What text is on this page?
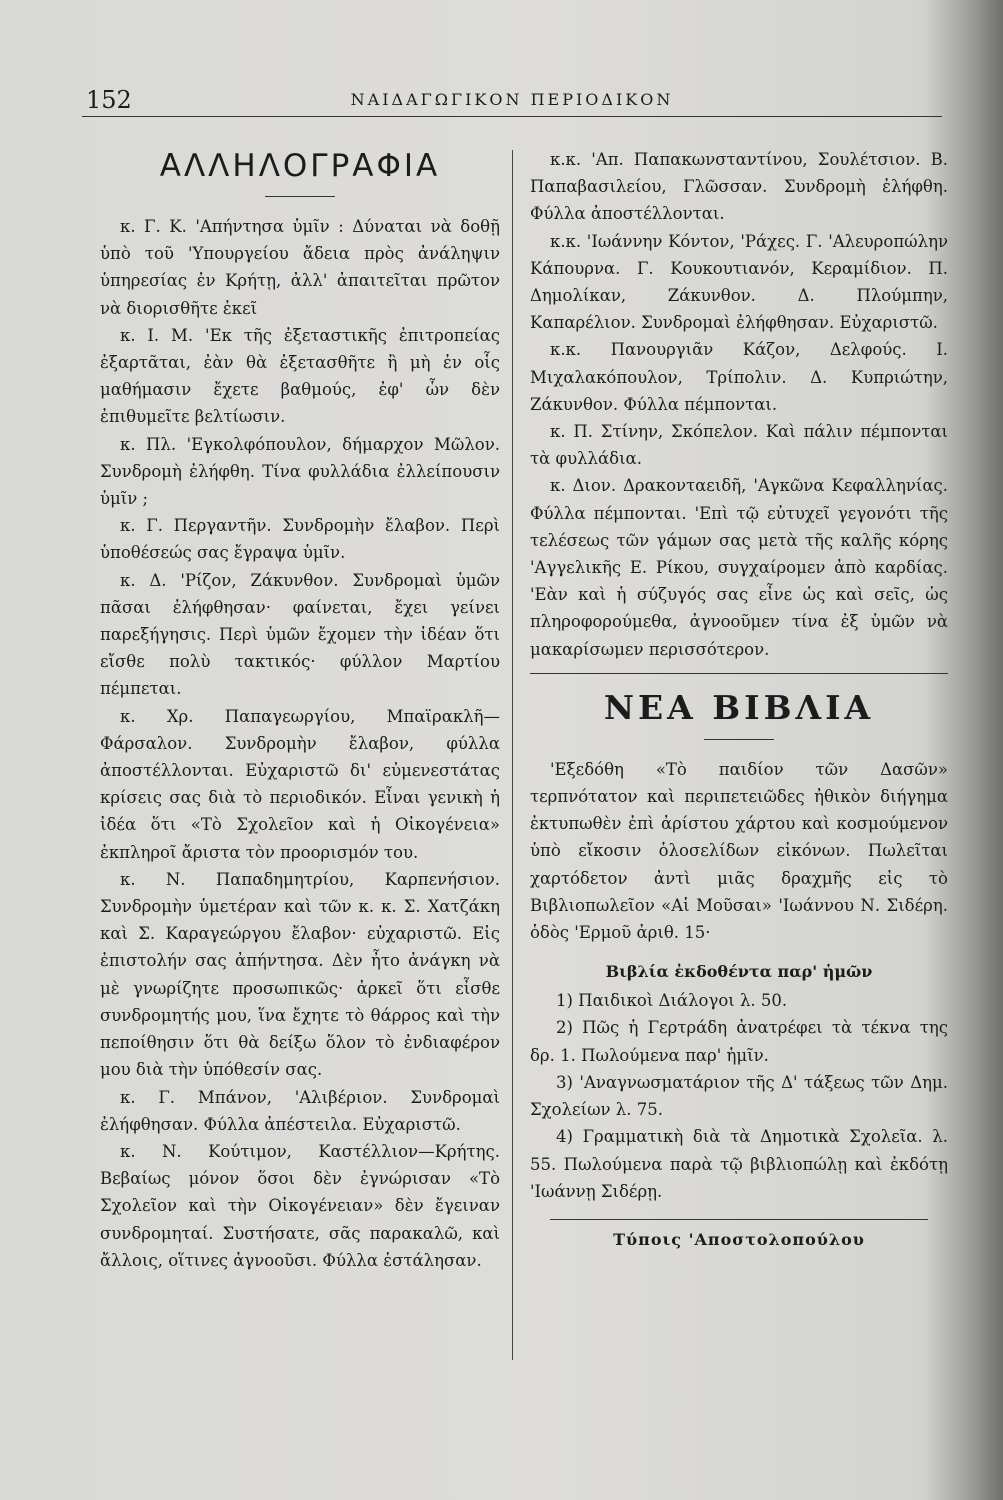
152	ΝΑΙΔΑΓΩΓΙΚΟΝ ΠΕΡΙΟΔΙΚΟΝ
ΑΛΛΗΛΟΓΡΑΦΙΑ

κ. Γ. Κ. 'Απήντησα ὑμῖν : Δύναται νὰ δοθῇ ὑπὸ τοῦ 'Υπουργείου ἄδεια πρὸς ἀνάληψιν ὑπηρεσίας ἐν Κρήτῃ, ἀλλ' ἀπαιτεῖται πρῶτον νὰ διορισθῆτε ἐκεῖ

κ. Ι. Μ. 'Εκ τῆς ἐξεταστικῆς ἐπιτροπείας ἐξαρτᾶται, ἐὰν θὰ ἐξετασθῆτε ἢ μὴ ἐν οἷς μαθήμασιν ἔχετε βαθμούς, ἐφ' ὧν δὲν ἐπιθυμεῖτε βελτίωσιν.

κ. Πλ. 'Εγκολφόπουλον, δήμαρχον Μῶλον. Συνδρομὴ ἐλήφθη. Τίνα φυλλάδια ἐλλείπουσιν ὑμῖν ;

κ. Γ. Περγαντῆν. Συνδρομὴν ἔλαβον. Περὶ ὑποθέσεώς σας ἔγραψα ὑμῖν.

κ. Δ. 'Ρίζον, Ζάκυνθον. Συνδρομαὶ ὑμῶν πᾶσαι ἐλήφθησαν· φαίνεται, ἔχει γείνει παρεξήγησις. Περὶ ὑμῶν ἔχομεν τὴν ἰδέαν ὅτι εἴσθε πολὺ τακτικός· φύλλον Μαρτίου πέμπεται.

κ. Χρ. Παπαγεωργίου, Μπαϊρακλῆ—Φάρσαλον. Συνδρομὴν ἔλαβον, φύλλα ἀποστέλλονται. Εὐχαριστῶ δι' εὐμενεστάτας κρίσεις σας διὰ τὸ περιοδικόν. Εἶναι γενικὴ ἡ ἰδέα ὅτι «Τὸ Σχολεῖον καὶ ἡ Οἰκογένεια» ἐκπληροῖ ἄριστα τὸν προορισμόν του.

κ. Ν. Παπαδημητρίου, Καρπενήσιον. Συνδρομὴν ὑμετέραν καὶ τῶν κ. κ. Σ. Χατζάκη καὶ Σ. Καραγεώργου ἔλαβον· εὐχαριστῶ. Εἰς ἐπιστολήν σας ἀπήντησα. Δὲν ἦτο ἀνάγκη νὰ μὲ γνωρίζητε προσωπικῶς· ἀρκεῖ ὅτι εἶσθε συνδρομητής μου, ἵνα ἔχητε τὸ θάρρος καὶ τὴν πεποίθησιν ὅτι θὰ δείξω ὅλον τὸ ἐνδιαφέρον μου διὰ τὴν ὑπόθεσίν σας.

κ. Γ. Μπάνον, 'Αλιβέριον. Συνδρομαὶ ἐλήφθησαν. Φύλλα ἀπέστειλα. Εὐχαριστῶ.

κ. Ν. Κούτιμον, Καστέλλιον—Κρήτης. Βεβαίως μόνον ὅσοι δὲν ἐγνώρισαν «Τὸ Σχολεῖον καὶ τὴν Οἰκογένειαν» δὲν ἔγειναν συνδρομηταί. Συστήσατε, σᾶς παρακαλῶ, καὶ ἄλλοις, οἵτινες ἀγνοοῦσι. Φύλλα ἐστάλησαν.

κ.κ. 'Απ. Παπακωνσταντίνου, Σουλέτσιον. Β. Παπαβασιλείου, Γλῶσσαν. Συνδρομὴ ἐλήφθη. Φύλλα ἀποστέλλονται.

κ.κ. 'Ιωάννην Κόντον, 'Ράχες. Γ. 'Αλευροπώλην Κάπουρνα. Γ. Κουκουτιανόν, Κεραμίδιον. Π. Δημολίκαν, Ζάκυνθον. Δ. Πλούμπην, Καπαρέλιον. Συνδρομαὶ ἐλήφθησαν. Εὐχαριστῶ.

κ.κ. Πανουργιᾶν Κάζον, Δελφούς. Ι. Μιχαλακόπουλον, Τρίπολιν. Δ. Κυπριώτην, Ζάκυνθον. Φύλλα πέμπονται.

κ. Π. Στίνην, Σκόπελον. Καὶ πάλιν πέμπονται τὰ φυλλάδια.

κ. Διον. Δρακονταειδῆ, 'Αγκῶνα Κεφαλληνίας. Φύλλα πέμπονται. 'Επὶ τῷ εὐτυχεῖ γεγονότι τῆς τελέσεως τῶν γάμων σας μετὰ τῆς καλῆς κόρης 'Αγγελικῆς Ε. Ρίκου, συγχαίρομεν ἀπὸ καρδίας. 'Εὰν καὶ ἡ σύζυγός σας εἶνε ὡς καὶ σεῖς, ὡς πληροφορούμεθα, ἀγνοοῦμεν τίνα ἐξ ὑμῶν νὰ μακαρίσωμεν περισσότερον.

ΝΕΑ ΒΙΒΛΙΑ

'Εξεδόθη «Τὸ παιδίον τῶν Δασῶν» τερπνότατον καὶ περιπετειῶδες ἠθικὸν διήγημα ἐκτυπωθὲν ἐπὶ ἀρίστου χάρτου καὶ κοσμούμενον ὑπὸ εἴκοσιν ὁλοσελίδων εἰκόνων. Πωλεῖται χαρτόδετον ἀντὶ μιᾶς δραχμῆς εἰς τὸ Βιβλιοπωλεῖον «Αἱ Μοῦσαι» 'Ιωάννου Ν. Σιδέρη. ὁδὸς 'Ερμοῦ ἀριθ. 15·

Βιβλία ἐκδοθέντα παρ' ἡμῶν

1) Παιδικοὶ Διάλογοι λ. 50.

2) Πῶς ἡ Γερτράδη ἀνατρέφει τὰ τέκνα της δρ. 1. Πωλούμενα παρ' ἡμῖν.

3) 'Αναγνωσματάριον τῆς Δ' τάξεως τῶν Δημ. Σχολείων λ. 75.

4) Γραμματικὴ διὰ τὰ Δημοτικὰ Σχολεῖα. λ. 55. Πωλούμενα παρὰ τῷ βιβλιοπώλῃ καὶ ἐκδότῃ 'Ιωάννῃ Σιδέρῃ.

Τύποις 'Αποστολοπούλου
